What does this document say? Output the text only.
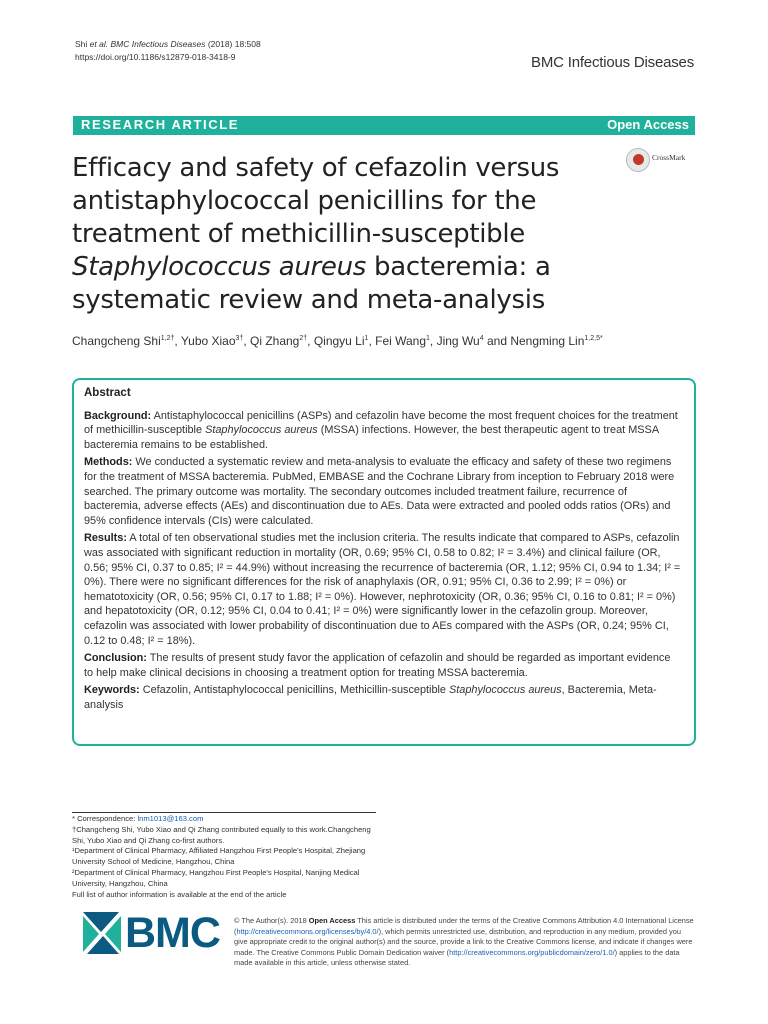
Shi et al. BMC Infectious Diseases (2018) 18:508
https://doi.org/10.1186/s12879-018-3418-9	BMC Infectious Diseases
RESEARCH ARTICLE	Open Access
Efficacy and safety of cefazolin versus
antistaphylococcal penicillins for the
treatment of methicillin-susceptible
Staphylococcus aureus bacteremia: a
systematic review and meta-analysis
CrossMark
Changcheng Shi$^{1,2\dagger}$, Yubo Xiao$^{3\dagger}$, Qi Zhang$^{2\dagger}$, Qingyu Li$^1$, Fei Wang$^1$, Jing Wu$^4$ and Nengming Lin$^{1,2,5*}$

Abstract

Background: Antistaphylococcal penicillins (ASPs) and cefazolin have become the most frequent choices for the treatment of methicillin-susceptible Staphylococcus aureus (MSSA) infections. However, the best therapeutic agent to treat MSSA bacteremia remains to be established.

Methods: We conducted a systematic review and meta-analysis to evaluate the efficacy and safety of these two regimens for the treatment of MSSA bacteremia. PubMed, EMBASE and the Cochrane Library from inception to February 2018 were searched. The primary outcome was mortality. The secondary outcomes included treatment failure, recurrence of bacteremia, adverse effects (AEs) and discontinuation due to AEs. Data were extracted and pooled odds ratios (ORs) and 95% confidence intervals (CIs) were calculated.

Results: A total of ten observational studies met the inclusion criteria. The results indicate that compared to ASPs, cefazolin was associated with significant reduction in mortality (OR, 0.69; 95% CI, 0.58 to 0.82; I² = 3.4%) and clinical failure (OR, 0.56; 95% CI, 0.37 to 0.85; I² = 44.9%) without increasing the recurrence of bacteremia (OR, 1.12; 95% CI, 0.94 to 1.34; I² = 0%). There were no significant differences for the risk of anaphylaxis (OR, 0.91; 95% CI, 0.36 to 2.99; I² = 0%) or hematotoxicity (OR, 0.56; 95% CI, 0.17 to 1.88; I² = 0%). However, nephrotoxicity (OR, 0.36; 95% CI, 0.16 to 0.81; I² = 0%) and hepatotoxicity (OR, 0.12; 95% CI, 0.04 to 0.41; I² = 0%) were significantly lower in the cefazolin group. Moreover, cefazolin was associated with lower probability of discontinuation due to AEs compared with the ASPs (OR, 0.24; 95% CI, 0.12 to 0.48; I² = 18%).

Conclusion: The results of present study favor the application of cefazolin and should be regarded as important evidence to help make clinical decisions in choosing a treatment option for treating MSSA bacteremia.

Keywords: Cefazolin, Antistaphylococcal penicillins, Methicillin-susceptible Staphylococcus aureus, Bacteremia, Meta-analysis

* Correspondence: lnm1013@163.com
†Changcheng Shi, Yubo Xiao and Qi Zhang contributed equally to this work.Changcheng Shi, Yubo Xiao and Qi Zhang co-first authors.
¹Department of Clinical Pharmacy, Affiliated Hangzhou First People's Hospital, Zhejiang University School of Medicine, Hangzhou, China
²Department of Clinical Pharmacy, Hangzhou First People's Hospital, Nanjing Medical University, Hangzhou, China
Full list of author information is available at the end of the article
BMC © The Author(s). 2018 Open Access This article is distributed under the terms of the Creative Commons Attribution 4.0 International License (http://creativecommons.org/licenses/by/4.0/), which permits unrestricted use, distribution, and reproduction in any medium, provided you give appropriate credit to the original author(s) and the source, provide a link to the Creative Commons license, and indicate if changes were made. The Creative Commons Public Domain Dedication waiver (http://creativecommons.org/publicdomain/zero/1.0/) applies to the data made available in this article, unless otherwise stated.
